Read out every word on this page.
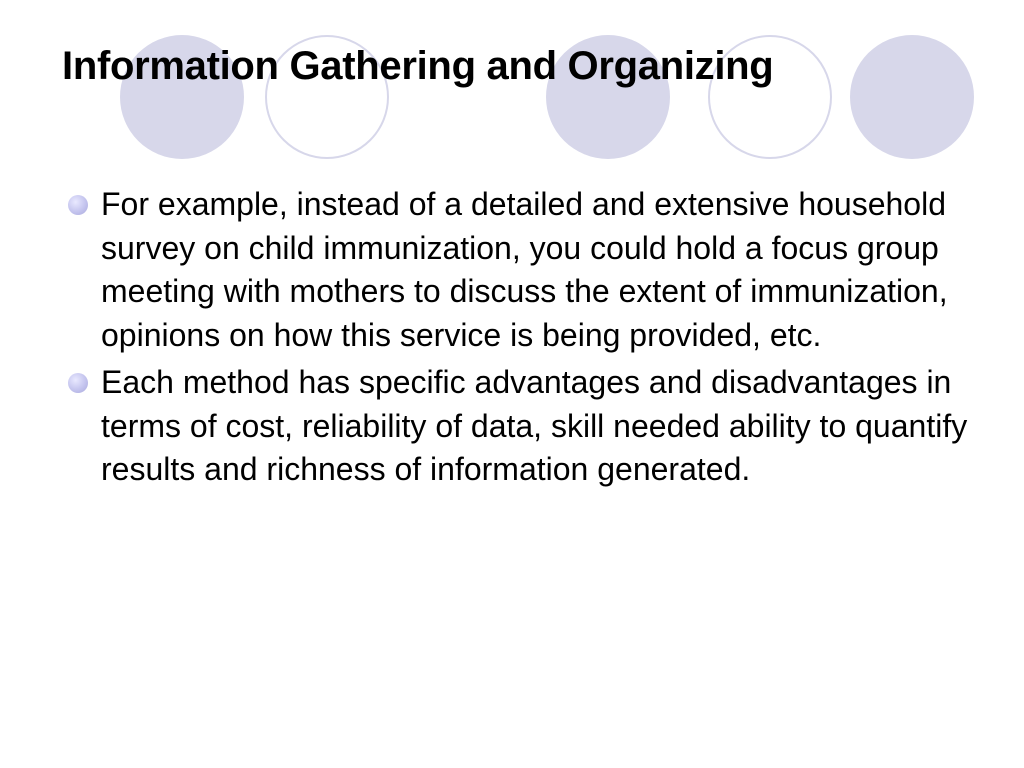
Information Gathering and Organizing
For example, instead of a detailed and extensive household survey on child immunization, you could hold a focus group meeting with mothers to discuss the extent of immunization, opinions on how this service is being provided, etc.
Each method has specific advantages and disadvantages in terms of cost, reliability of data, skill needed ability to quantify results and richness of information generated.
